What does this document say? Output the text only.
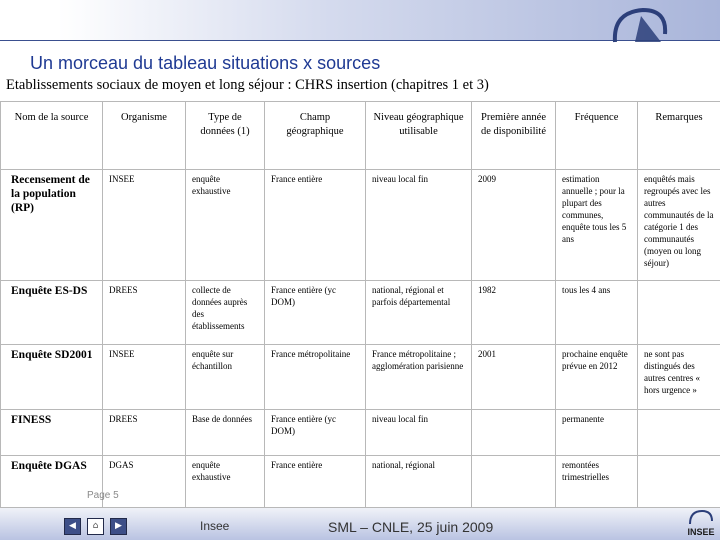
Un morceau du tableau situations x sources
Etablissements sociaux de moyen et long séjour : CHRS insertion (chapitres 1 et 3)
Nom de la source	Organisme	Type de données (1)	Champ géographique	Niveau géographique utilisable	Première année de disponibilité	Fréquence	Remarques
Recensement de la population (RP)	INSEE	enquête exhaustive	France entière	niveau local fin	2009	estimation annuelle ; pour la plupart des communes, enquête tous les 5 ans	enquêtés mais regroupés avec les autres communautés de la catégorie 1 des communautés (moyen ou long séjour)
Enquête ES-DS	DREES	collecte de données auprès des établissements	France entière (yc DOM)	national, régional et parfois départemental	1982	tous les 4 ans	
Enquête SD2001	INSEE	enquête sur échantillon	France métropolitaine	France métropolitaine ; agglomération parisienne	2001	prochaine enquête prévue en 2012	ne sont pas distingués des autres centres « hors urgence »
FINESS	DREES	Base de données	France entière (yc DOM)	niveau local fin		permanente	
Enquête DGAS	DGAS	enquête exhaustive	France entière	national, régional		remontées trimestrielles	
Page 5
◀	⌂	▶	Insee	SML – CNLE, 25 juin 2009	INSEE
